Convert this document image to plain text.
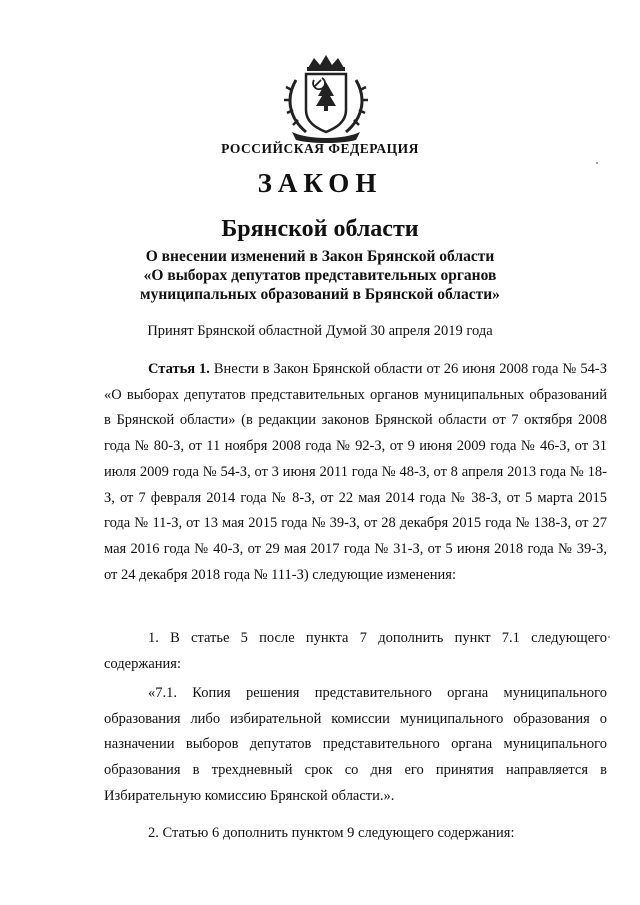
РОССИЙСКАЯ ФЕДЕРАЦИЯ
ЗАКОН
Брянской области
О внесении изменений в Закон Брянской области
«О выборах депутатов представительных органов
муниципальных образований в Брянской области»
Принят Брянской областной Думой 30 апреля 2019 года
Статья 1. Внести в Закон Брянской области от 26 июня 2008 года № 54-З «О выборах депутатов представительных органов муниципальных образований в Брянской области» (в редакции законов Брянской области от 7 октября 2008 года № 80-З, от 11 ноября 2008 года № 92-З, от 9 июня 2009 года № 46-З, от 31 июля 2009 года № 54-З, от 3 июня 2011 года № 48-З, от 8 апреля 2013 года № 18-З, от 7 февраля 2014 года № 8-З, от 22 мая 2014 года № 38-З, от 5 марта 2015 года № 11-З, от 13 мая 2015 года № 39-З, от 28 декабря 2015 года № 138-З, от 27 мая 2016 года № 40-З, от 29 мая 2017 года № 31-З, от 5 июня 2018 года № 39-З, от 24 декабря 2018 года № 111-З) следующие изменения:
1. В статье 5 после пункта 7 дополнить пункт 7.1 следующего содержания:
«7.1. Копия решения представительного органа муниципального образования либо избирательной комиссии муниципального образования о назначении выборов депутатов представительного органа муниципального образования в трехдневный срок со дня его принятия направляется в Избирательную комиссию Брянской области.».
2. Статью 6 дополнить пунктом 9 следующего содержания:
